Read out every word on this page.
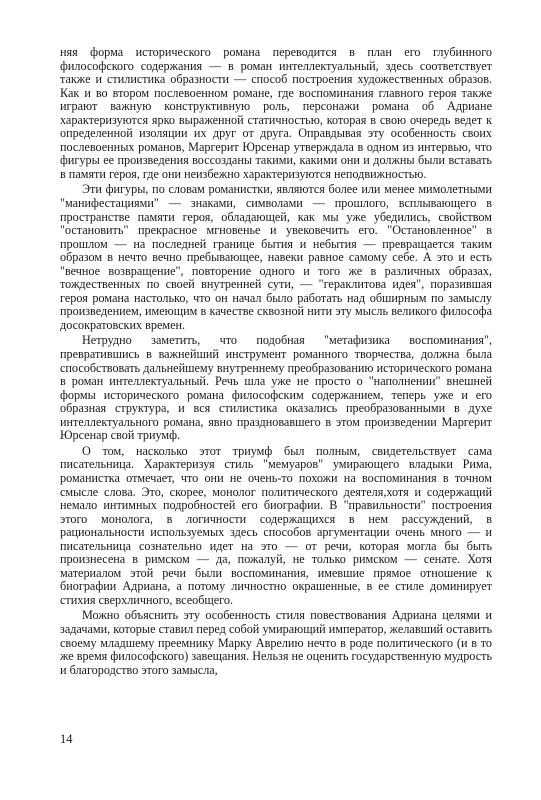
няя форма исторического романа переводится в план его глубинного философского содержания — в роман интеллектуальный, здесь соответствует также и стилистика образности — способ построения художественных образов. Как и во втором послевоенном романе, где воспоминания главного героя также играют важную конструктивную роль, персонажи романа об Адриане характеризуются ярко выраженной статичностью, которая в свою очередь ведет к определенной изоляции их друг от друга. Оправдывая эту особенность своих послевоенных романов, Маргерит Юрсенар утверждала в одном из интервью, что фигуры ее произведения воссозданы такими, какими они и должны были вставать в памяти героя, где они неизбежно характеризуются неподвижностью.

Эти фигуры, по словам романистки, являются более или менее мимолетными "манифестациями" — знаками, символами — прошлого, всплывающего в пространстве памяти героя, обладающей, как мы уже убедились, свойством "остановить" прекрасное мгновенье и увековечить его. "Остановленное" в прошлом — на последней границе бытия и небытия — превращается таким образом в нечто вечно пребывающее, навеки равное самому себе. А это и есть "вечное возвращение", повторение одного и того же в различных образах, тождественных по своей внутренней сути, — "гераклитова идея", поразившая героя романа настолько, что он начал было работать над обширным по замыслу произведением, имеющим в качестве сквозной нити эту мысль великого философа досократовских времен.

Нетрудно заметить, что подобная "метафизика воспоминания", превратившись в важнейший инструмент романного творчества, должна была способствовать дальнейшему внутреннему преобразованию исторического романа в роман интеллектуальный. Речь шла уже не просто о "наполнении" внешней формы исторического романа философским содержанием, теперь уже и его образная структура, и вся стилистика оказались преобразованными в духе интеллектуального романа, явно праздновавшего в этом произведении Маргерит Юрсенар свой триумф.

О том, насколько этот триумф был полным, свидетельствует сама писательница. Характеризуя стиль "мемуаров" умирающего владыки Рима, романистка отмечает, что они не очень-то похожи на воспоминания в точном смысле слова. Это, скорее, монолог политического деятеля,хотя и содержащий немало интимных подробностей его биографии. В "правильности" построения этого монолога, в логичности содержащихся в нем рассуждений, в рациональности используемых здесь способов аргументации очень много — и писательница сознательно идет на это — от речи, которая могла бы быть произнесена в римском — да, пожалуй, не только римском — сенате. Хотя материалом этой речи были воспоминания, имевшие прямое отношение к биографии Адриана, а потому личностно окрашенные, в ее стиле доминирует стихия сверхличного, всеобщего.

Можно объяснить эту особенность стиля повествования Адриана целями и задачами, которые ставил перед собой умирающий император, желавший оставить своему младшему преемнику Марку Аврелию нечто в роде политического (и в то же время философского) завещания. Нельзя не оценить государственную мудрость и благородство этого замысла,

14
